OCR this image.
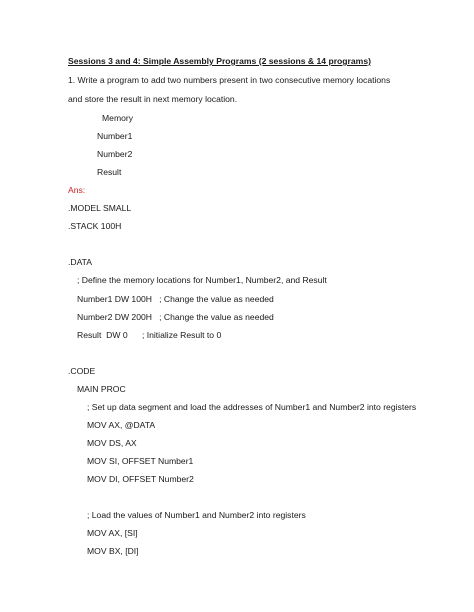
Sessions 3 and 4: Simple Assembly Programs (2 sessions & 14 programs)
1. Write a program to add two numbers present in two consecutive memory locations
and store the result in next memory location.
Memory
Number1
Number2
Result
Ans:
.MODEL SMALL
.STACK 100H
.DATA
; Define the memory locations for Number1, Number2, and Result
Number1 DW 100H   ; Change the value as needed
Number2 DW 200H   ; Change the value as needed
Result  DW 0      ; Initialize Result to 0
.CODE
MAIN PROC
; Set up data segment and load the addresses of Number1 and Number2 into registers
MOV AX, @DATA
MOV DS, AX
MOV SI, OFFSET Number1
MOV DI, OFFSET Number2
; Load the values of Number1 and Number2 into registers
MOV AX, [SI]
MOV BX, [DI]
